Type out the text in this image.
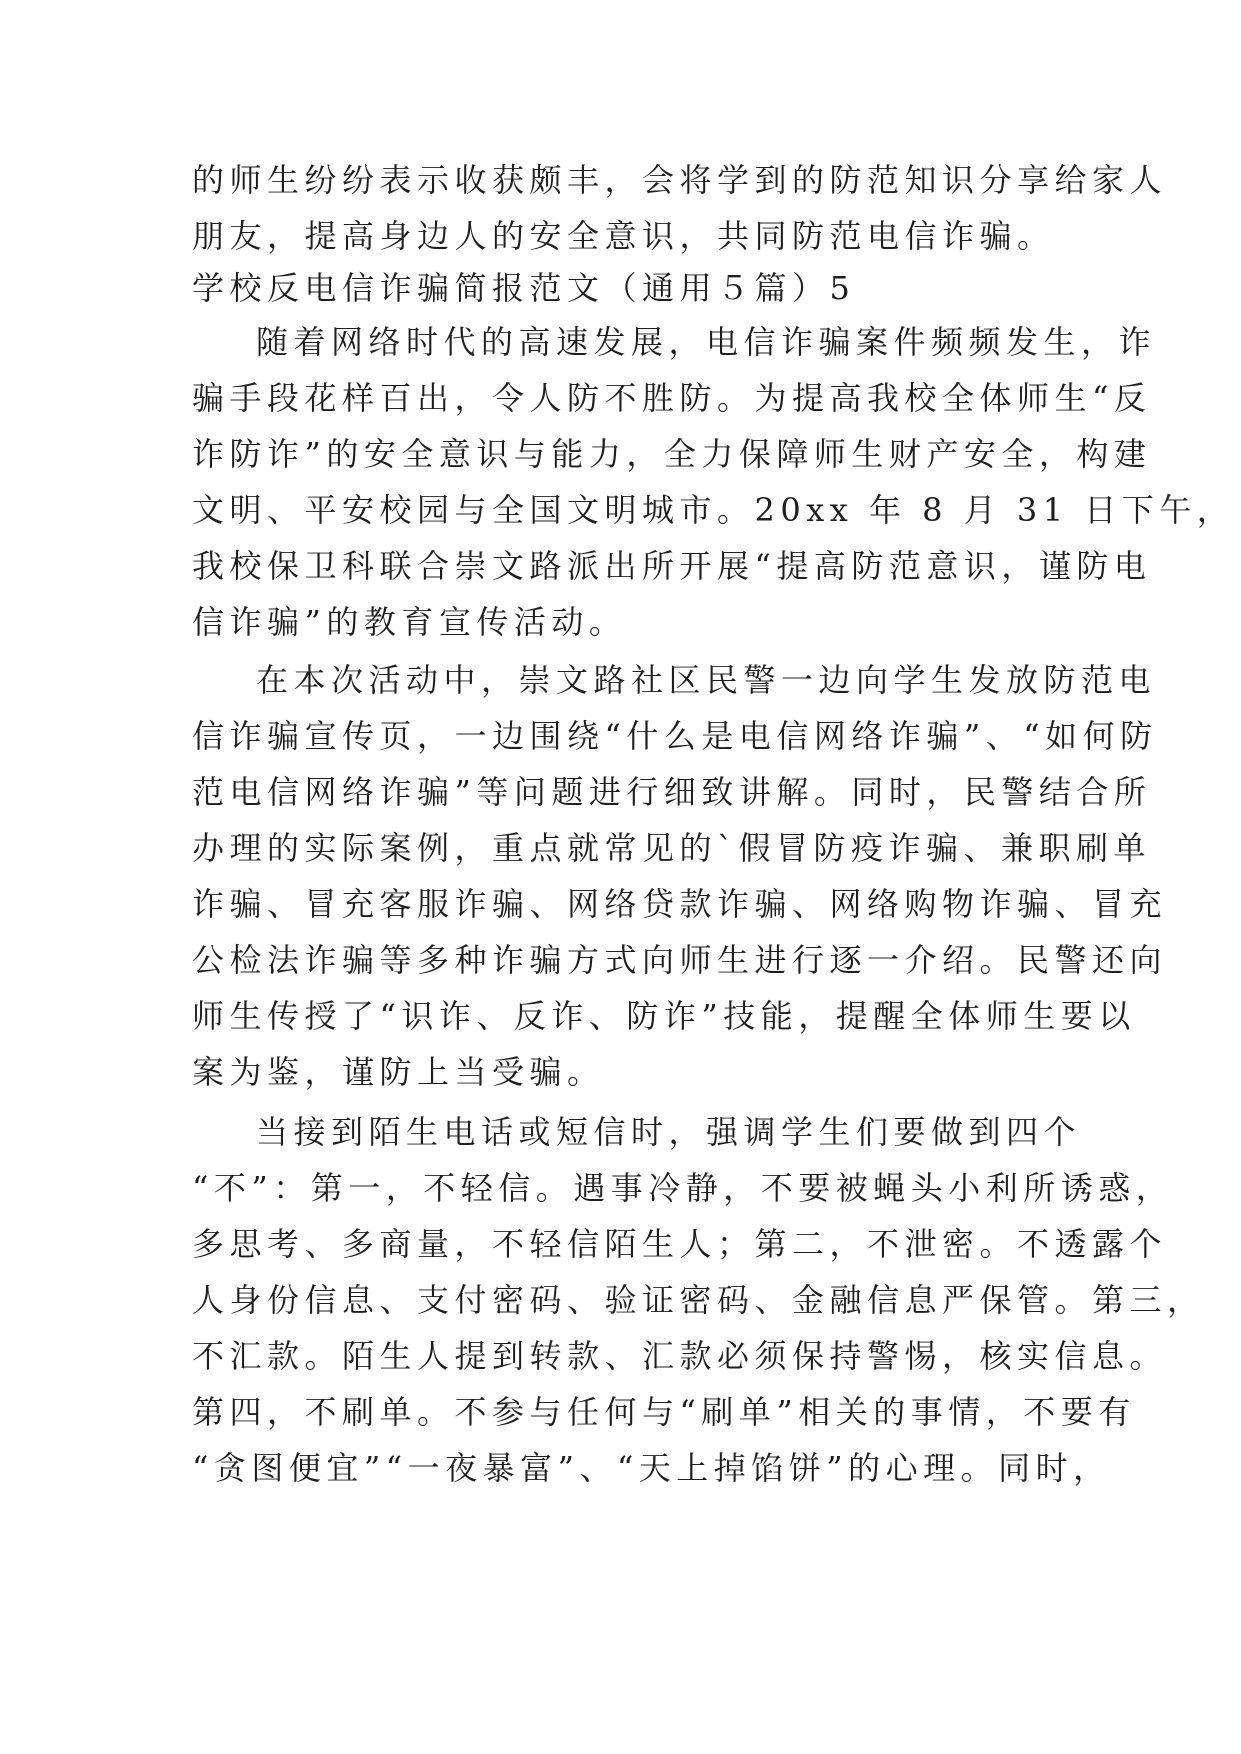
的师生纷纷表示收获颇丰，会将学到的防范知识分享给家人
朋友，提高身边人的安全意识，共同防范电信诈骗。
学校反电信诈骗简报范文（通用５篇）5
随着网络时代的高速发展，电信诈骗案件频频发生，诈
骗手段花样百出，令人防不胜防。为提高我校全体师生“反
诈防诈”的安全意识与能力，全力保障师生财产安全，构建
文明、平安校园与全国文明城市。20xx 年 8 月 31 日下午，
我校保卫科联合崇文路派出所开展“提高防范意识，谨防电
信诈骗”的教育宣传活动。
在本次活动中，崇文路社区民警一边向学生发放防范电
信诈骗宣传页，一边围绕“什么是电信网络诈骗”、“如何防
范电信网络诈骗”等问题进行细致讲解。同时，民警结合所
办理的实际案例，重点就常见的`假冒防疫诈骗、兼职刷单
诈骗、冒充客服诈骗、网络贷款诈骗、网络购物诈骗、冒充
公检法诈骗等多种诈骗方式向师生进行逐一介绍。民警还向
师生传授了“识诈、反诈、防诈”技能，提醒全体师生要以
案为鉴，谨防上当受骗。
当接到陌生电话或短信时，强调学生们要做到四个
“不”：第一，不轻信。遇事冷静，不要被蝇头小利所诱惑，
多思考、多商量，不轻信陌生人；第二，不泄密。不透露个
人身份信息、支付密码、验证密码、金融信息严保管。第三，
不汇款。陌生人提到转款、汇款必须保持警惕，核实信息。
第四，不刷单。不参与任何与“刷单”相关的事情，不要有
“贪图便宜”“一夜暴富”、“天上掉馅饼”的心理。同时，
